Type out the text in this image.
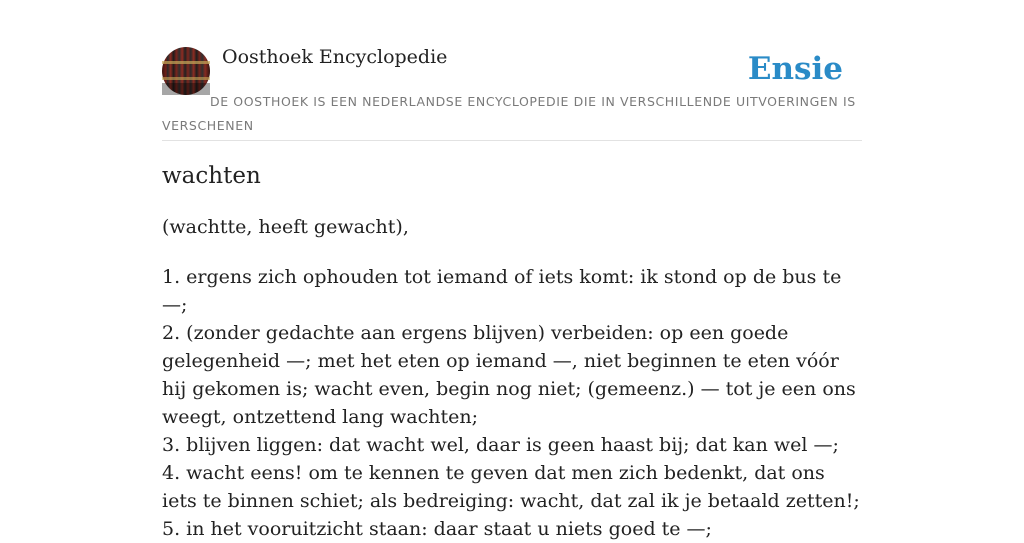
Oosthoek Encyclopedie	Ensie
DE OOSTHOEK IS EEN NEDERLANDSE ENCYCLOPEDIE DIE IN VERSCHILLENDE UITVOERINGEN IS VERSCHENEN
wachten
(wachtte, heeft gewacht),
1. ergens zich ophouden tot iemand of iets komt: ik stond op de bus te —;
2. (zonder gedachte aan ergens blijven) verbeiden: op een goede gelegenheid —; met het eten op iemand —, niet beginnen te eten vóór hij gekomen is; wacht even, begin nog niet; (gemeenz.) — tot je een ons weegt, ontzettend lang wachten;
3. blijven liggen: dat wacht wel, daar is geen haast bij; dat kan wel —;
4. wacht eens! om te kennen te geven dat men zich bedenkt, dat ons iets te binnen schiet; als bedreiging: wacht, dat zal ik je betaald zetten!;
5. in het vooruitzicht staan: daar staat u niets goed te —;
